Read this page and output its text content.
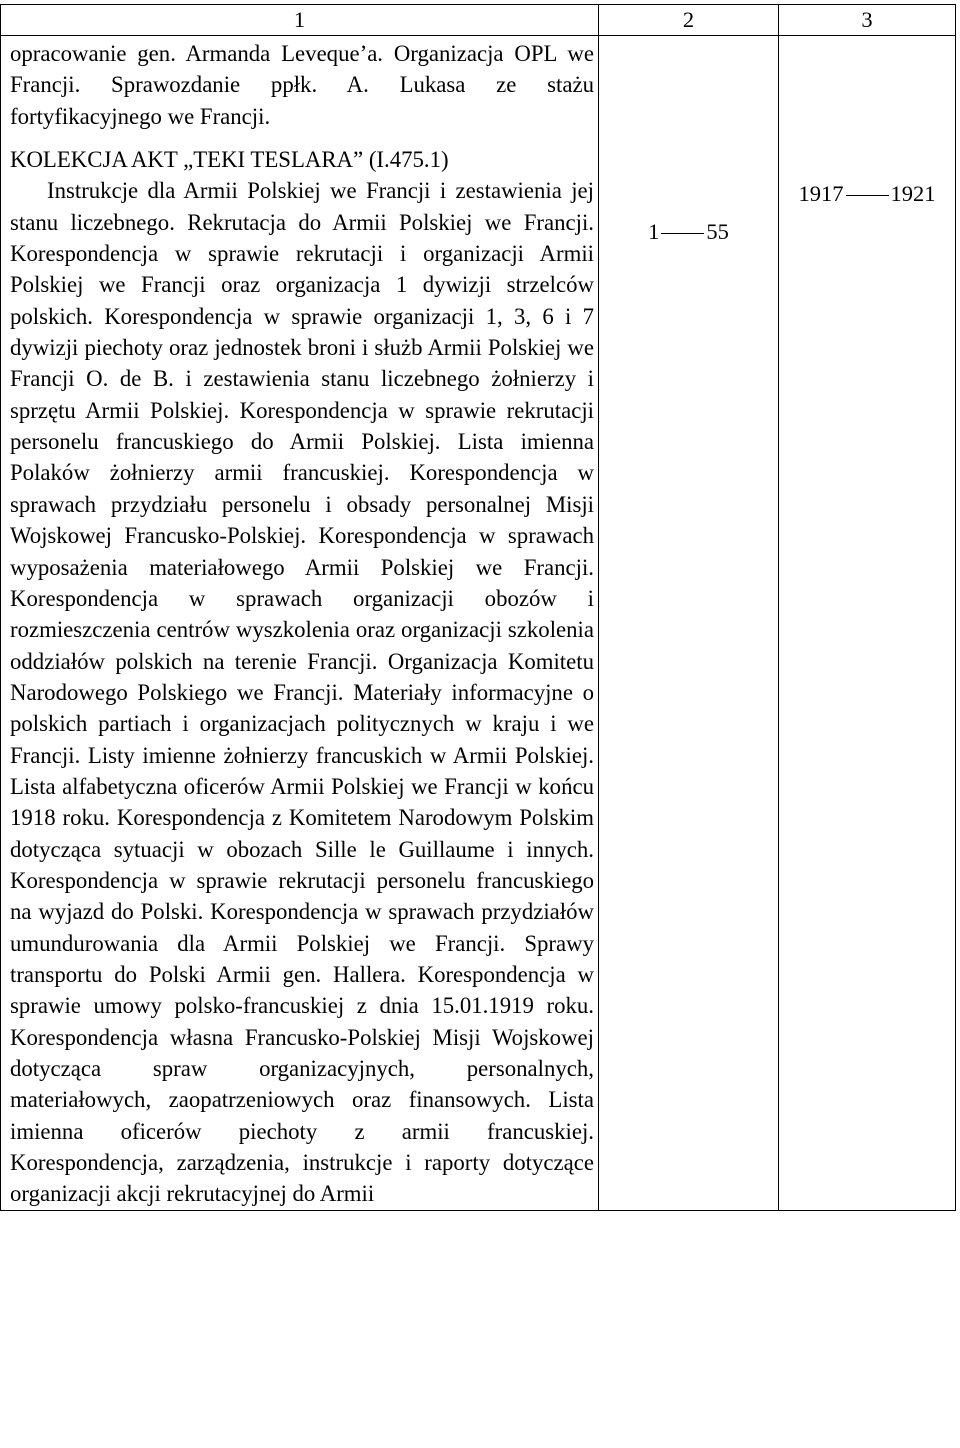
1	2	3

opracowanie gen. Armanda Leveque’a. Organizacja OPL we Francji. Sprawozdanie ppłk. A. Lukasa ze stażu fortyfikacyjnego we Francji.

KOLEKCJA AKT „TEKI TESLARA” (I.475.1)

Instrukcje dla Armii Polskiej we Francji i zestawienia jej stanu liczebnego. Rekrutacja do Armii Polskiej we Francji. Korespondencja w sprawie rekrutacji i organizacji Armii Polskiej we Francji oraz organizacja 1 dywizji strzelców polskich. Korespondencja w sprawie organizacji 1, 3, 6 i 7 dywizji piechoty oraz jednostek broni i służb Armii Polskiej we Francji O. de B. i zestawienia stanu liczebnego żołnierzy i sprzętu Armii Polskiej. Korespondencja w sprawie rekrutacji personelu francuskiego do Armii Polskiej. Lista imienna Polaków żołnierzy armii francuskiej. Korespondencja w sprawach przydziału personelu i obsady personalnej Misji Wojskowej Francusko-Polskiej. Korespondencja w sprawach wyposażenia materiałowego Armii Polskiej we Francji. Korespondencja w sprawach organizacji obozów i rozmieszczenia centrów wyszkolenia oraz organizacji szkolenia oddziałów polskich na terenie Francji. Organizacja Komitetu Narodowego Polskiego we Francji. Materiały informacyjne o polskich partiach i organizacjach politycznych w kraju i we Francji. Listy imienne żołnierzy francuskich w Armii Polskiej. Lista alfabetyczna oficerów Armii Polskiej we Francji w końcu 1918 roku. Korespondencja z Komitetem Narodowym Polskim dotycząca sytuacji w obozach Sille le Guillaume i innych. Korespondencja w sprawie rekrutacji personelu francuskiego na wyjazd do Polski. Korespondencja w sprawach przydziałów umundurowania dla Armii Polskiej we Francji. Sprawy transportu do Polski Armii gen. Hallera. Korespondencja w sprawie umowy polsko-francuskiej z dnia 15.01.1919 roku. Korespondencja własna Francusko-Polskiej Misji Wojskowej dotycząca spraw organizacyjnych, personalnych, materiałowych, zaopatrzeniowych oraz finansowych. Lista imienna oficerów piechoty z armii francuskiej. Korespondencja, zarządzenia, instrukcje i raporty dotyczące organizacji akcji rekrutacyjnej do Armii	1 55	1917 1921
